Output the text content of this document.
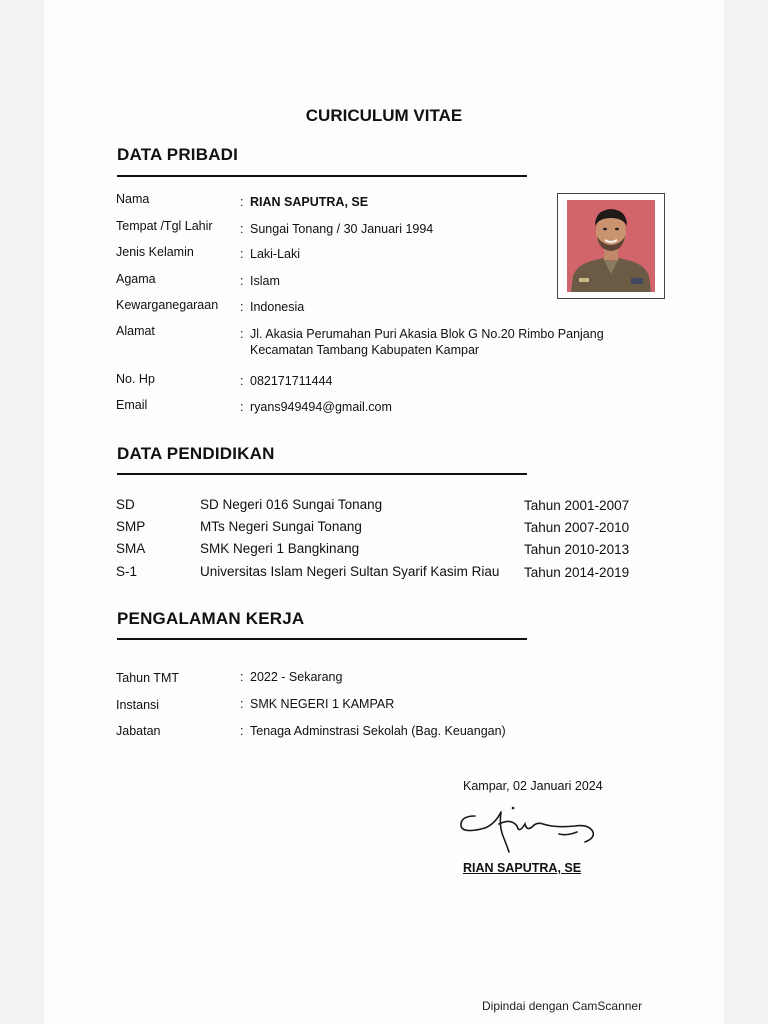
CURICULUM VITAE
DATA PRIBADI
Nama	: RIAN SAPUTRA, SE
Tempat /Tgl Lahir : Sungai Tonang / 30 Januari 1994
Jenis Kelamin	: Laki-Laki
Agama	: Islam
Kewarganegaraan : Indonesia
Alamat	: Jl. Akasia Perumahan Puri Akasia Blok G No.20 Rimbo Panjang
Kecamatan Tambang Kabupaten Kampar
No. Hp	: 082171711444
Email	: ryans949494@gmail.com
DATA PENDIDIKAN
SD	SD Negeri 016 Sungai Tonang	Tahun 2001-2007
SMP	MTs Negeri Sungai Tonang	Tahun 2007-2010
SMA	SMK Negeri 1 Bangkinang	Tahun 2010-2013
S-1	Universitas Islam Negeri Sultan Syarif Kasim Riau Tahun 2014-2019
PENGALAMAN KERJA
Tahun TMT	: 2022 - Sekarang
Instansi	: SMK NEGERI 1 KAMPAR
Jabatan	: Tenaga Adminstrasi Sekolah (Bag. Keuangan)
Kampar, 02 Januari 2024
RIAN SAPUTRA, SE
Dipindai dengan CamScanner
